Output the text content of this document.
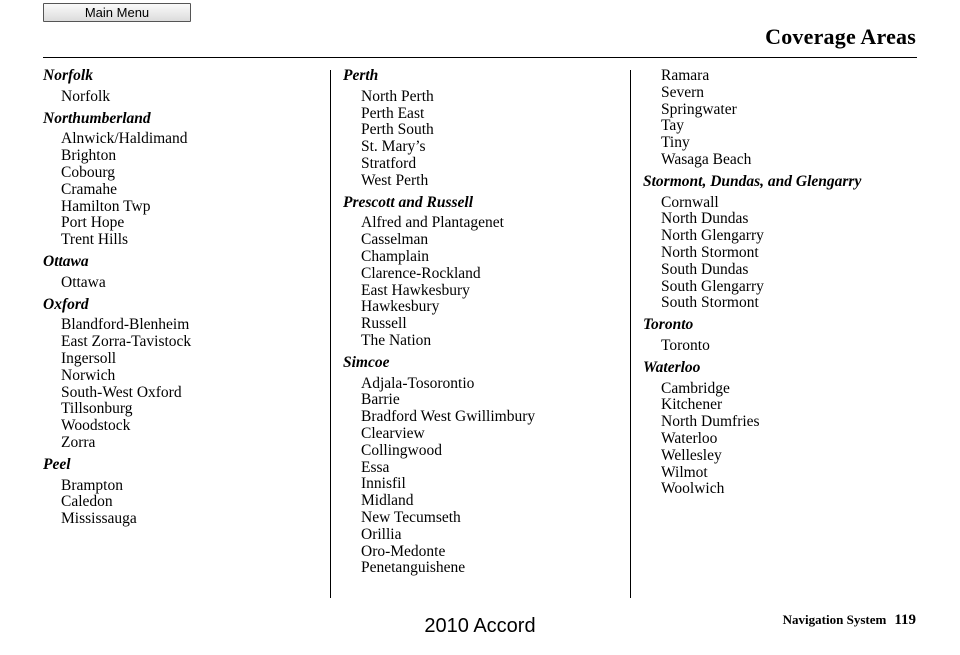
Main Menu
Coverage Areas
Norfolk
Norfolk
Northumberland
Alnwick/Haldimand
Brighton
Cobourg
Cramahe
Hamilton Twp
Port Hope
Trent Hills
Ottawa
Ottawa
Oxford
Blandford-Blenheim
East Zorra-Tavistock
Ingersoll
Norwich
South-West Oxford
Tillsonburg
Woodstock
Zorra
Peel
Brampton
Caledon
Mississauga
Perth
North Perth
Perth East
Perth South
St. Mary’s
Stratford
West Perth
Prescott and Russell
Alfred and Plantagenet
Casselman
Champlain
Clarence-Rockland
East Hawkesbury
Hawkesbury
Russell
The Nation
Simcoe
Adjala-Tosorontio
Barrie
Bradford West Gwillimbury
Clearview
Collingwood
Essa
Innisfil
Midland
New Tecumseth
Orillia
Oro-Medonte
Penetanguishene
Ramara
Severn
Springwater
Tay
Tiny
Wasaga Beach
Stormont, Dundas, and Glengarry
Cornwall
North Dundas
North Glengarry
North Stormont
South Dundas
South Glengarry
South Stormont
Toronto
Toronto
Waterloo
Cambridge
Kitchener
North Dumfries
Waterloo
Wellesley
Wilmot
Woolwich
Navigation System 119
2010 Accord
